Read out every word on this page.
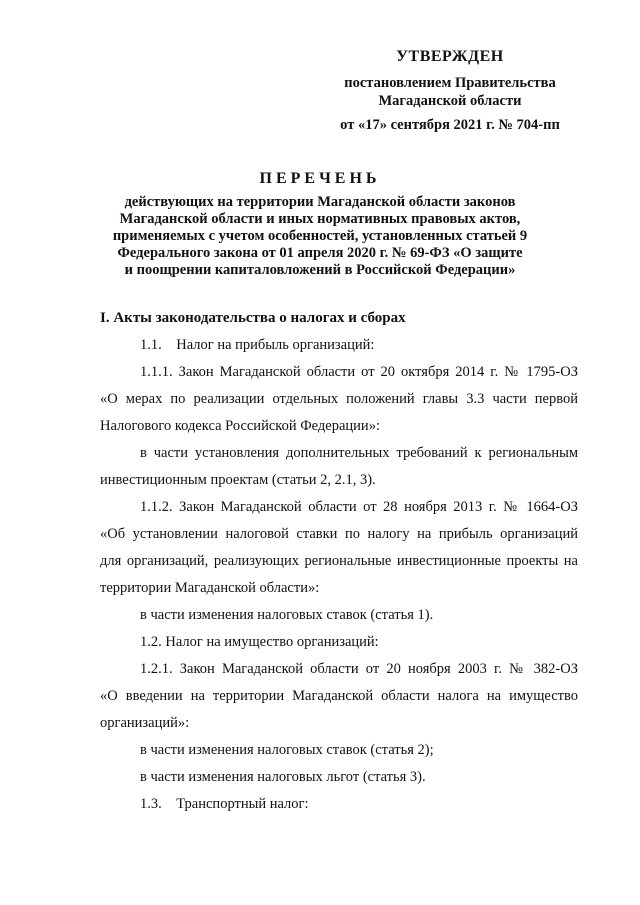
УТВЕРЖДЕН
постановлением Правительства
Магаданской области
от «17» сентября 2021 г. № 704-пп
ПЕРЕЧЕНЬ
действующих на территории Магаданской области законов
Магаданской области и иных нормативных правовых актов,
применяемых с учетом особенностей, установленных статьей 9
Федерального закона от 01 апреля 2020 г. № 69-ФЗ «О защите
и поощрении капиталовложений в Российской Федерации»
I. Акты законодательства о налогах и сборах
1.1.    Налог на прибыль организаций:
1.1.1. Закон Магаданской области от 20 октября 2014 г. № 1795-ОЗ
«О мерах по реализации отдельных положений главы 3.3 части первой
Налогового кодекса Российской Федерации»:
в части установления дополнительных требований к региональным
инвестиционным проектам (статьи 2, 2.1, 3).
1.1.2. Закон Магаданской области от 28 ноября 2013 г. № 1664-ОЗ
«Об установлении налоговой ставки по налогу на прибыль организаций
для организаций, реализующих региональные инвестиционные проекты на
территории Магаданской области»:
в части изменения налоговых ставок (статья 1).
1.2. Налог на имущество организаций:
1.2.1. Закон Магаданской области от 20 ноября 2003 г. № 382-ОЗ
«О введении на территории Магаданской области налога на имущество
организаций»:
в части изменения налоговых ставок (статья 2);
в части изменения налоговых льгот (статья 3).
1.3.    Транспортный налог:
